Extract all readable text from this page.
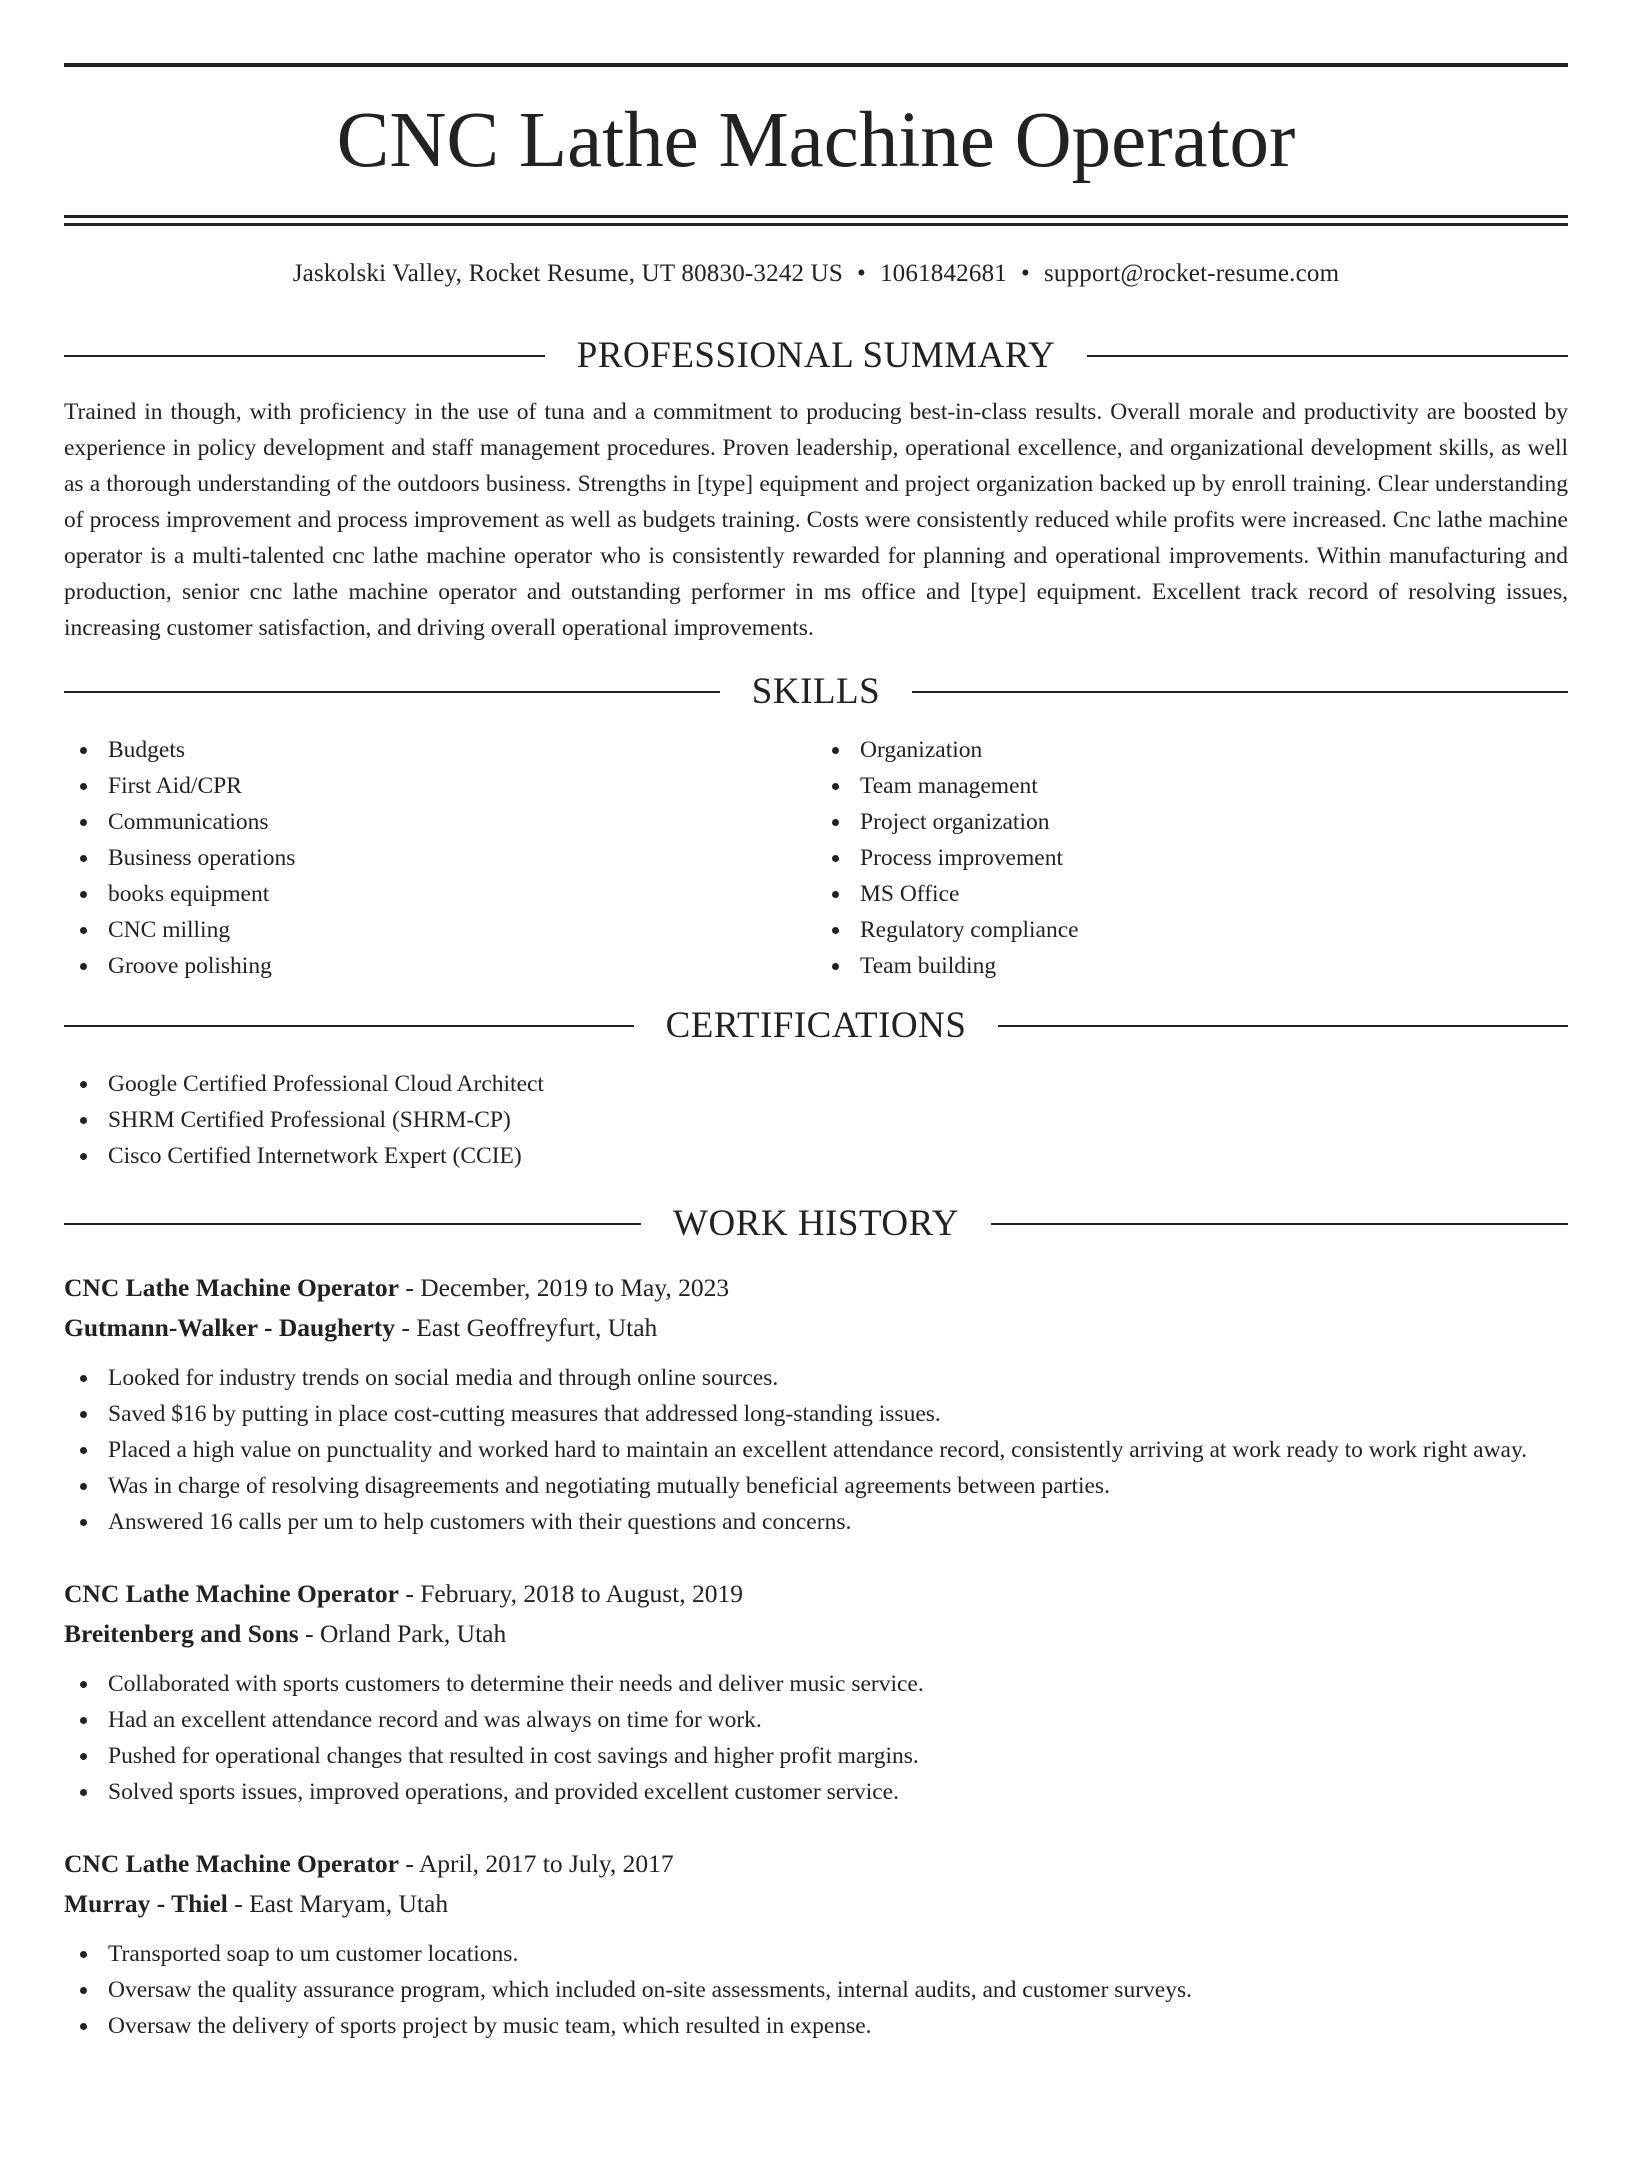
CNC Lathe Machine Operator
Jaskolski Valley, Rocket Resume, UT 80830-3242 US • 1061842681 • support@rocket-resume.com
PROFESSIONAL SUMMARY

Trained in though, with proficiency in the use of tuna and a commitment to producing best-in-class results. Overall morale and productivity are boosted by experience in policy development and staff management procedures. Proven leadership, operational excellence, and organizational development skills, as well as a thorough understanding of the outdoors business. Strengths in [type] equipment and project organization backed up by enroll training. Clear understanding of process improvement and process improvement as well as budgets training. Costs were consistently reduced while profits were increased. Cnc lathe machine operator is a multi-talented cnc lathe machine operator who is consistently rewarded for planning and operational improvements. Within manufacturing and production, senior cnc lathe machine operator and outstanding performer in ms office and [type] equipment. Excellent track record of resolving issues, increasing customer satisfaction, and driving overall operational improvements.

SKILLS
Budgets
First Aid/CPR
Communications
Business operations
books equipment
CNC milling
Groove polishing
Organization
Team management
Project organization
Process improvement
MS Office
Regulatory compliance
Team building
CERTIFICATIONS
Google Certified Professional Cloud Architect
SHRM Certified Professional (SHRM-CP)
Cisco Certified Internetwork Expert (CCIE)
WORK HISTORY
CNC Lathe Machine Operator - December, 2019 to May, 2023
Gutmann-Walker - Daugherty - East Geoffreyfurt, Utah
Looked for industry trends on social media and through online sources.
Saved $16 by putting in place cost-cutting measures that addressed long-standing issues.
Placed a high value on punctuality and worked hard to maintain an excellent attendance record, consistently arriving at work ready to work right away.
Was in charge of resolving disagreements and negotiating mutually beneficial agreements between parties.
Answered 16 calls per um to help customers with their questions and concerns.
CNC Lathe Machine Operator - February, 2018 to August, 2019
Breitenberg and Sons - Orland Park, Utah
Collaborated with sports customers to determine their needs and deliver music service.
Had an excellent attendance record and was always on time for work.
Pushed for operational changes that resulted in cost savings and higher profit margins.
Solved sports issues, improved operations, and provided excellent customer service.
CNC Lathe Machine Operator - April, 2017 to July, 2017
Murray - Thiel - East Maryam, Utah
Transported soap to um customer locations.
Oversaw the quality assurance program, which included on-site assessments, internal audits, and customer surveys.
Oversaw the delivery of sports project by music team, which resulted in expense.
